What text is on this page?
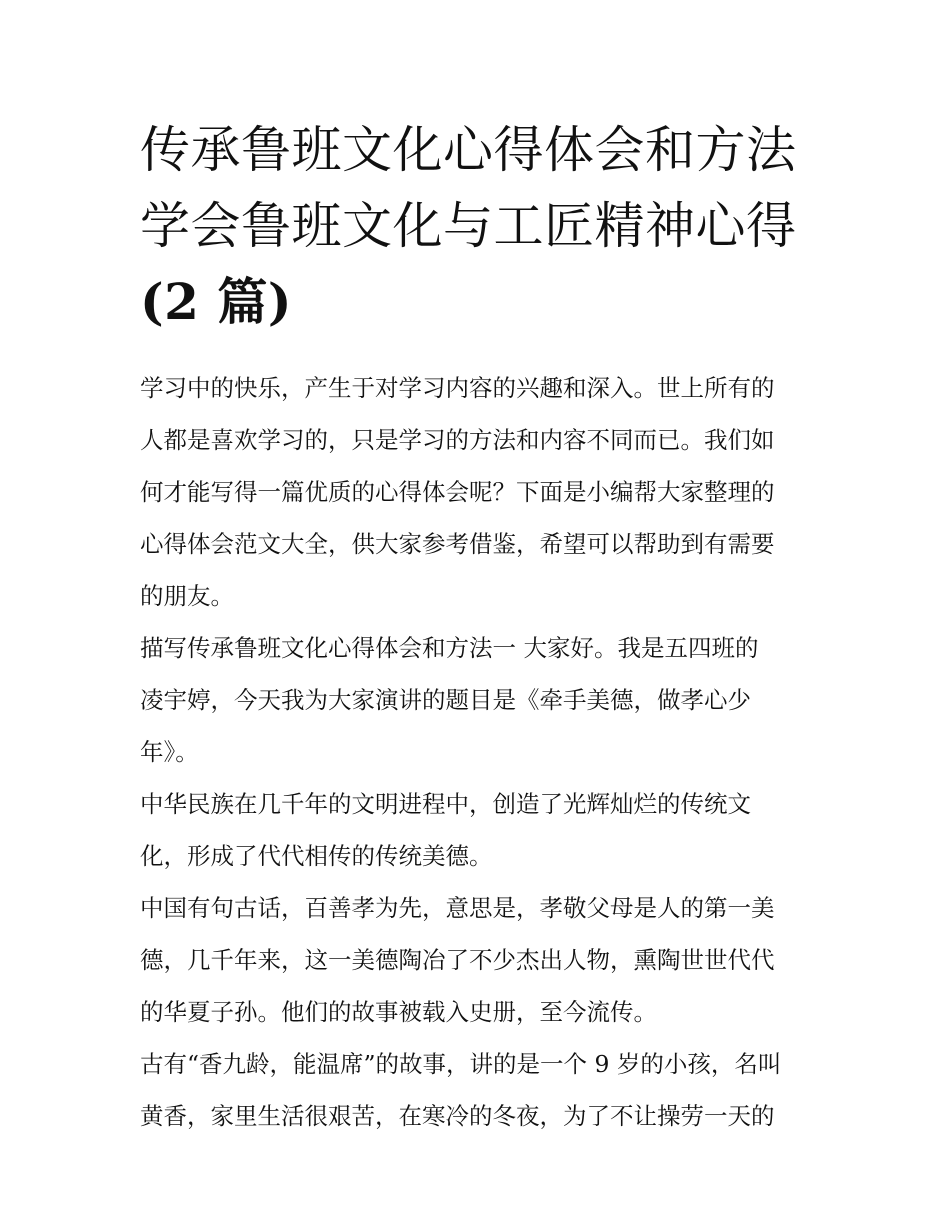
传承鲁班文化心得体会和方法
学会鲁班文化与工匠精神心得
(2 篇)

学习中的快乐，产生于对学习内容的兴趣和深入。世上所有的
人都是喜欢学习的，只是学习的方法和内容不同而已。我们如
何才能写得一篇优质的心得体会呢？下面是小编帮大家整理的
心得体会范文大全，供大家参考借鉴，希望可以帮助到有需要
的朋友。

描写传承鲁班文化心得体会和方法一 大家好。我是五四班的
凌宇婷，今天我为大家演讲的题目是《牵手美德，做孝心少
年》。

中华民族在几千年的文明进程中，创造了光辉灿烂的传统文
化，形成了代代相传的传统美德。

中国有句古话，百善孝为先，意思是，孝敬父母是人的第一美
德，几千年来，这一美德陶冶了不少杰出人物，熏陶世世代代
的华夏子孙。他们的故事被载入史册，至今流传。

古有“香九龄，能温席”的故事，讲的是一个 9 岁的小孩，名叫
黄香，家里生活很艰苦，在寒冷的冬夜，为了不让操劳一天的
